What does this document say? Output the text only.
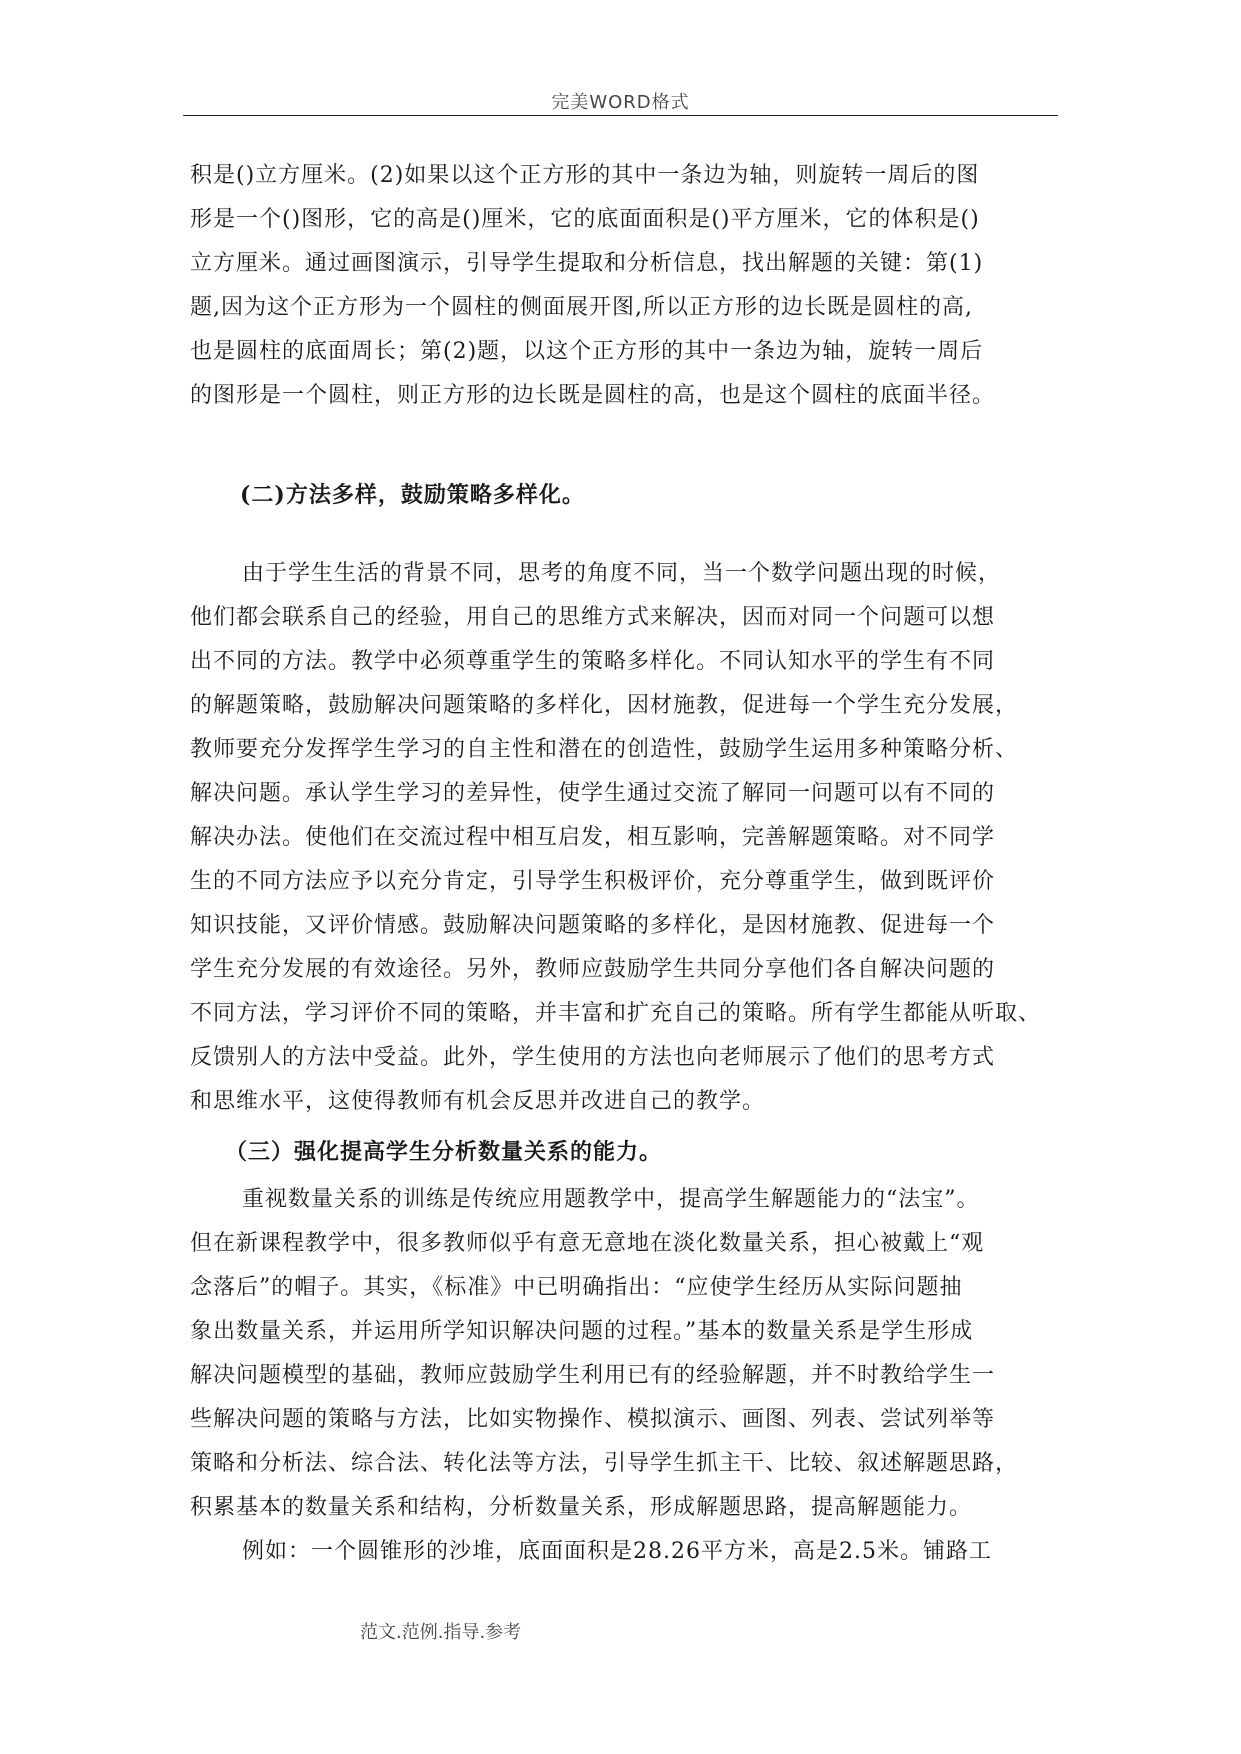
完美WORD格式
积是()立方厘米。(2)如果以这个正方形的其中一条边为轴，则旋转一周后的图
形是一个()图形，它的高是()厘米，它的底面面积是()平方厘米，它的体积是()
立方厘米。通过画图演示，引导学生提取和分析信息，找出解题的关键：第(1)
题,因为这个正方形为一个圆柱的侧面展开图,所以正方形的边长既是圆柱的高,
也是圆柱的底面周长；第(2)题，以这个正方形的其中一条边为轴，旋转一周后
的图形是一个圆柱，则正方形的边长既是圆柱的高，也是这个圆柱的底面半径。
(二)方法多样，鼓励策略多样化。
由于学生生活的背景不同，思考的角度不同，当一个数学问题出现的时候，
他们都会联系自己的经验，用自己的思维方式来解决，因而对同一个问题可以想
出不同的方法。教学中必须尊重学生的策略多样化。不同认知水平的学生有不同
的解题策略，鼓励解决问题策略的多样化，因材施教，促进每一个学生充分发展，
教师要充分发挥学生学习的自主性和潜在的创造性，鼓励学生运用多种策略分析、
解决问题。承认学生学习的差异性，使学生通过交流了解同一问题可以有不同的
解决办法。使他们在交流过程中相互启发，相互影响，完善解题策略。对不同学
生的不同方法应予以充分肯定，引导学生积极评价，充分尊重学生，做到既评价
知识技能，又评价情感。鼓励解决问题策略的多样化，是因材施教、促进每一个
学生充分发展的有效途径。另外，教师应鼓励学生共同分享他们各自解决问题的
不同方法，学习评价不同的策略，并丰富和扩充自己的策略。所有学生都能从听取、
反馈别人的方法中受益。此外，学生使用的方法也向老师展示了他们的思考方式
和思维水平，这使得教师有机会反思并改进自己的教学。
（三）强化提高学生分析数量关系的能力。
重视数量关系的训练是传统应用题教学中，提高学生解题能力的“法宝”。
但在新课程教学中，很多教师似乎有意无意地在淡化数量关系，担心被戴上“观
念落后”的帽子。其实，《标准》中已明确指出：“应使学生经历从实际问题抽
象出数量关系，并运用所学知识解决问题的过程。”基本的数量关系是学生形成
解决问题模型的基础，教师应鼓励学生利用已有的经验解题，并不时教给学生一
些解决问题的策略与方法，比如实物操作、模拟演示、画图、列表、尝试列举等
策略和分析法、综合法、转化法等方法，引导学生抓主干、比较、叙述解题思路，
积累基本的数量关系和结构，分析数量关系，形成解题思路，提高解题能力。
例如：一个圆锥形的沙堆，底面面积是28.26平方米，高是2.5米。铺路工
范文.范例.指导.参考
